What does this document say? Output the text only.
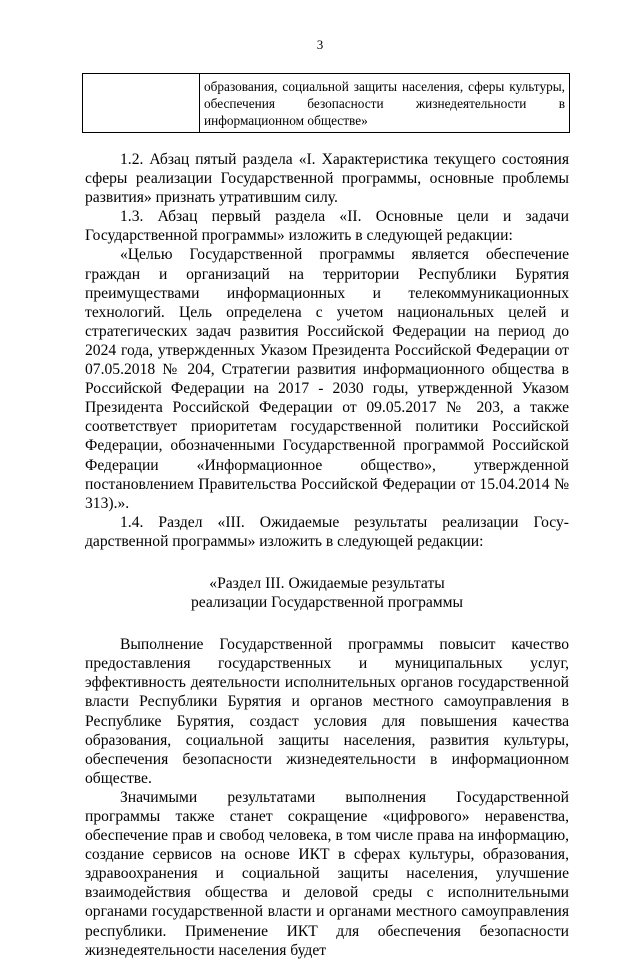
3
	образования, социальной защиты населения, сферы культуры, обеспечения безопасности жизнедеятельности в информационном обществе»

1.2. Абзац пятый раздела «I. Характеристика текущего состояния сферы реализации Государственной программы, основные проблемы развития» признать утратившим силу.

1.3. Абзац первый раздела «II. Основные цели и задачи Государственной программы» изложить в следующей редакции:

«Целью Государственной программы является обеспечение граждан и организаций на территории Республики Бурятия преимуществами информационных и телекоммуникационных технологий. Цель определена с учетом национальных целей и стратегических задач развития Российской Федерации на период до 2024 года, утвержденных Указом Президента Российской Федерации от 07.05.2018 № 204, Стратегии развития информационного общества в Российской Федерации на 2017 - 2030 годы, утвержденной Указом Президента Российской Федерации от 09.05.2017 № 203, а также соответствует приоритетам государственной политики Российской Федерации, обозначенными Государственной программой Российской Федерации «Информационное общество», утвержденной постановлением Правительства Российской Федерации от 15.04.2014 № 313).».

1.4. Раздел «III. Ожидаемые результаты реализации Госу-дарственной программы» изложить в следующей редакции:

«Раздел III. Ожидаемые результаты

реализации Государственной программы

Выполнение Государственной программы повысит качество предоставления государственных и муниципальных услуг, эффективность деятельности исполнительных органов государственной власти Республики Бурятия и органов местного самоуправления в Республике Бурятия, создаст условия для повышения качества образования, социальной защиты населения, развития культуры, обеспечения безопасности жизнедеятельности в информационном обществе.

Значимыми результатами выполнения Государственной программы также станет сокращение «цифрового» неравенства, обеспечение прав и свобод человека, в том числе права на информацию, создание сервисов на основе ИКТ в сферах культуры, образования, здравоохранения и социальной защиты населения, улучшение взаимодействия общества и деловой среды с исполнительными органами государственной власти и органами местного самоуправления республики. Применение ИКТ для обеспечения безопасности жизнедеятельности населения будет
